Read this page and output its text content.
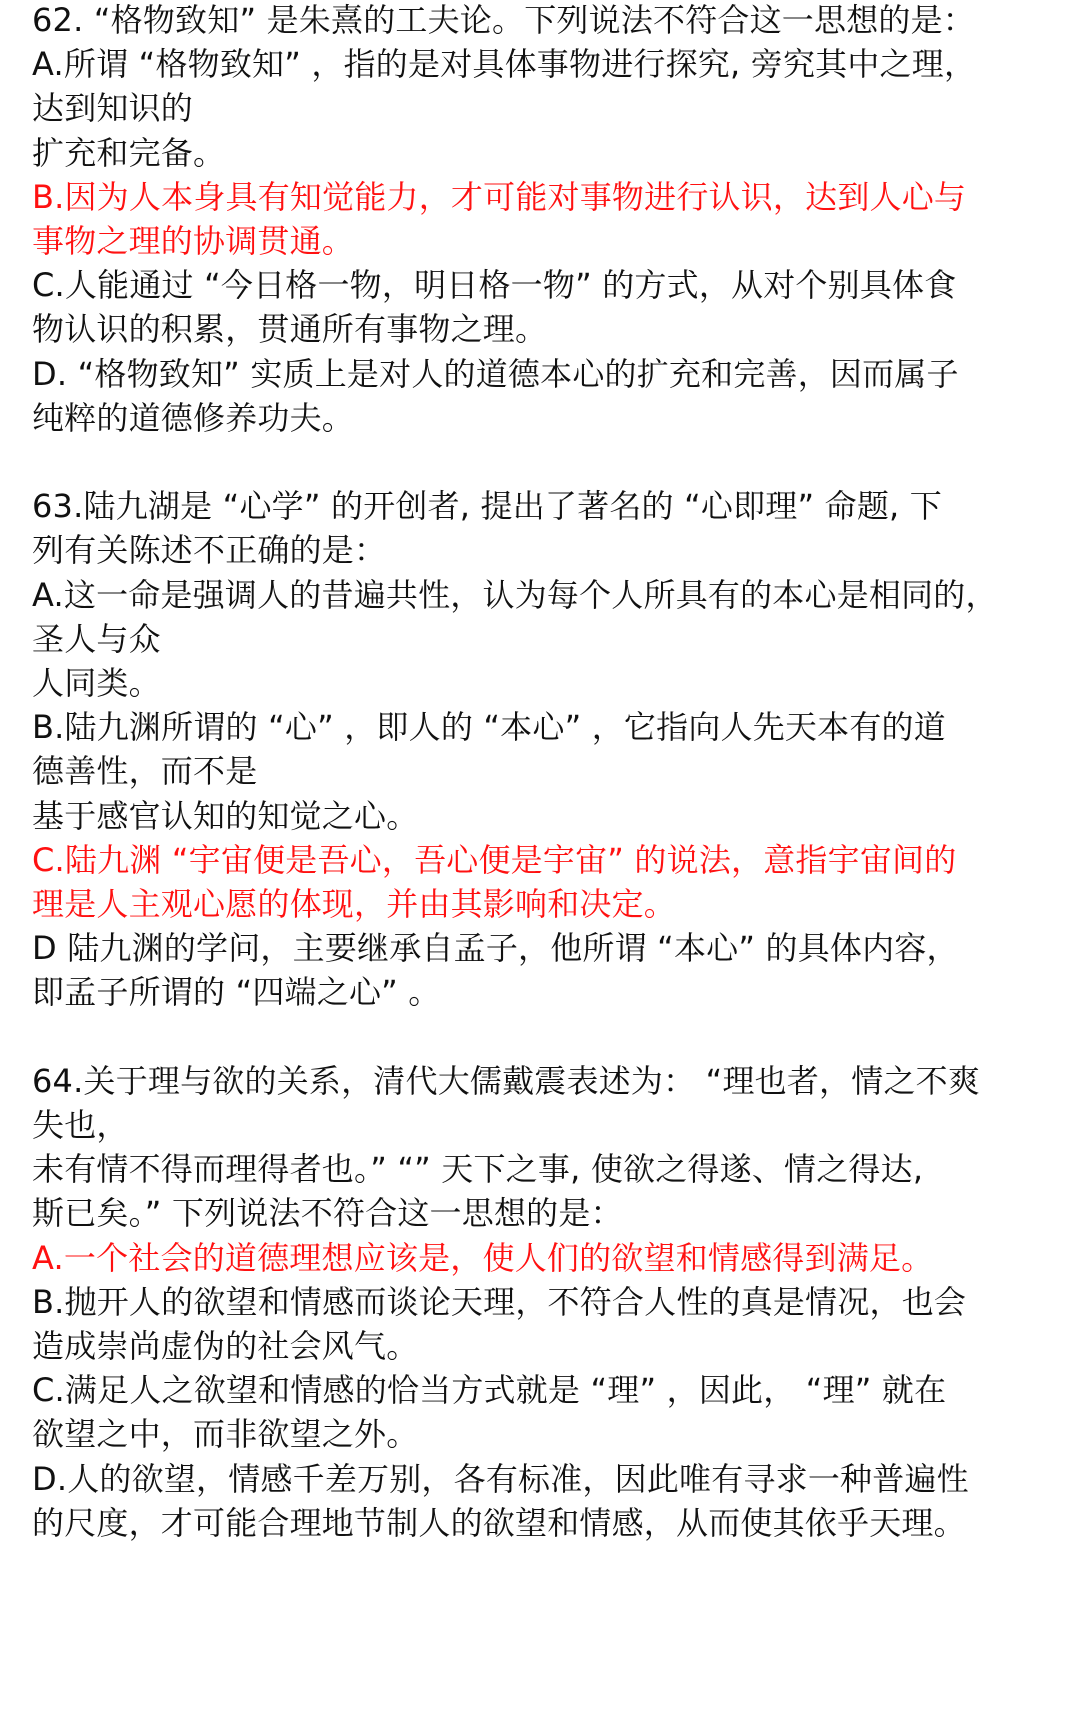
62. “格物致知” 是朱熹的工夫论。下列说法不符合这一思想的是：
A.所谓 “格物致知” ，指的是对具体事物进行探究, 旁究其中之理，
达到知识的
扩充和完备。
B.因为人本身具有知觉能力，才可能对事物进行认识，达到人心与
事物之理的协调贯通。
C.人能通过 “今日格一物，明日格一物” 的方式，从对个别具体食
物认识的积累，贯通所有事物之理。
D. “格物致知” 实质上是对人的道德本心的扩充和完善，因而属子
纯粹的道德修养功夫。
63.陆九湖是 “心学” 的开创者, 提出了著名的 “心即理” 命题, 下
列有关陈述不正确的是：
A.这一命是强调人的昔遍共性，认为每个人所具有的本心是相同的，
圣人与众
人同类。
B.陆九渊所谓的 “心” ，即人的 “本心” ，它指向人先天本有的道
德善性，而不是
基于感官认知的知觉之心。
C.陆九渊 “宇宙便是吾心，吾心便是宇宙” 的说法，意指宇宙间的
理是人主观心愿的体现，并由其影响和决定。
D 陆九渊的学问，主要继承自孟子，他所谓 “本心” 的具体内容，
即孟子所谓的 “四端之心” 。
64.关于理与欲的关系，清代大儒戴震表述为： “理也者，情之不爽
失也，
未有情不得而理得者也。” “” 天下之事, 使欲之得遂、情之得达,
斯已矣。” 下列说法不符合这一思想的是：
A.一个社会的道德理想应该是，使人们的欲望和情感得到满足。
B.抛开人的欲望和情感而谈论天理，不符合人性的真是情况，也会
造成崇尚虚伪的社会风气。
C.满足人之欲望和情感的恰当方式就是 “理” ，因此， “理” 就在
欲望之中，而非欲望之外。
D.人的欲望，情感千差万别，各有标准，因此唯有寻求一种普遍性
的尺度，才可能合理地节制人的欲望和情感，从而使其依乎天理。
